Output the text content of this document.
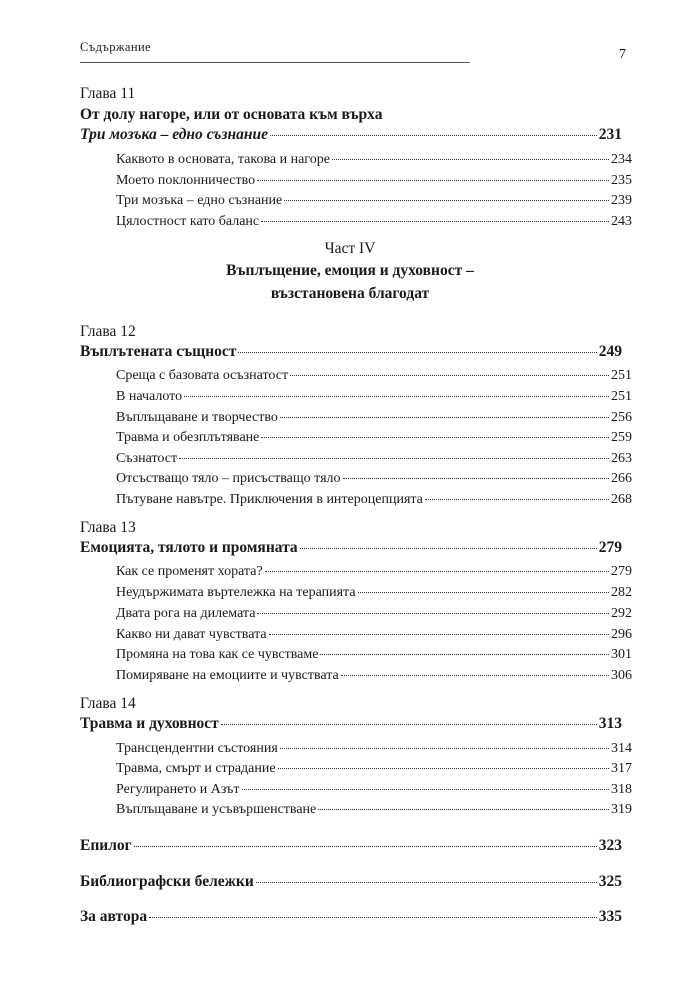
Съдържание	7
Глава 11
От долу нагоре, или от основата към върха
Три мозъка – едно съзнание	231
Каквото в основата, такова и нагоре	234
Моето поклонничество	235
Три мозъка – едно съзнание	239
Цялостност като баланс	243
Част IV
Въплъщение, емоция и духовност –
възстановена благодат
Глава 12
Въплътената същност	249
Среща с базовата осъзнатост	251
В началото	251
Въплъщаване и творчество	256
Травма и обезплътяване	259
Съзнатост	263
Отсъстващо тяло – присъстващо тяло	266
Пътуване навътре. Приключения в интероцепцията	268
Глава 13
Емоцията, тялото и промяната	279
Как се променят хората?	279
Неудържимата въртележка на терапията	282
Двата рога на дилемата	292
Какво ни дават чувствата	296
Промяна на това как се чувстваме	301
Помиряване на емоциите и чувствата	306
Глава 14
Травма и духовност	313
Трансцендентни състояния	314
Травма, смърт и страдание	317
Регулирането и Азът	318
Въплъщаване и усъвършенстване	319
Епилог	323
Библиографски бележки	325
За автора	335
